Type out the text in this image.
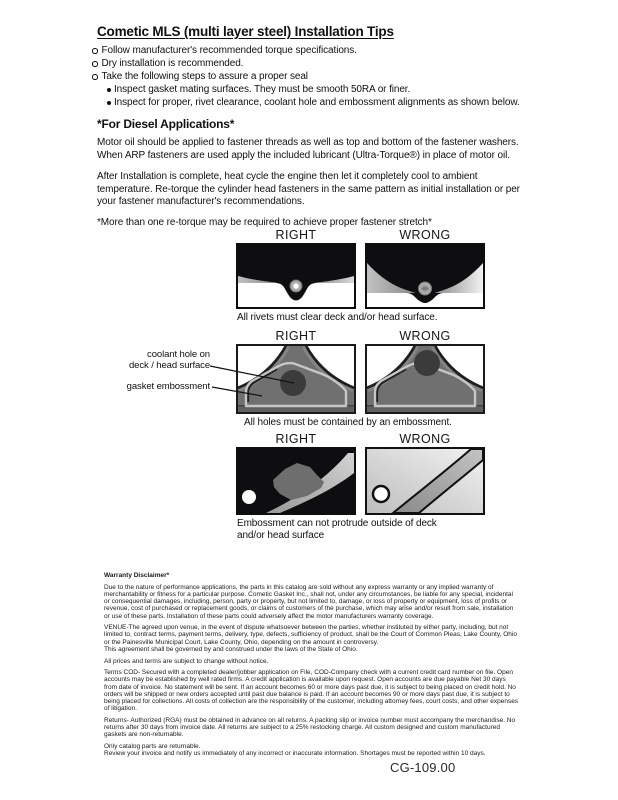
Cometic MLS (multi layer steel) Installation Tips
Follow manufacturer's recommended torque specifications.
Dry installation is recommended.
Take the following steps to assure a proper seal
Inspect gasket mating surfaces. They must be smooth 50RA or finer.
Inspect for proper, rivet clearance, coolant hole and embossment alignments as shown below.
*For Diesel Applications*

Motor oil should be applied to fastener threads as well as top and bottom of the fastener washers. When ARP fasteners are used apply the included lubricant (Ultra-Torque®) in place of motor oil.

After Installation is complete, heat cycle the engine then let it completely cool to ambient temperature. Re-torque the cylinder head fasteners in the same pattern as initial installation or per your fastener manufacturer's recommendations.

*More than one re-torque may be required to achieve proper fastener stretch*

RIGHT	WRONG
All rivets must clear deck and/or head surface.
RIGHT	WRONG
All holes must be contained by an embossment.
coolant hole on
deck / head surface
gasket embossment
RIGHT	WRONG
Embossment can not protrude outside of deck
and/or head surface

Warranty Disclaimer*

Due to the nature of performance applications, the parts in this catalog are sold without any express warranty or any implied warranty of merchantability or fitness for a particular purpose. Cometic Gasket Inc., shall not, under any circumstances, be liable for any special, incidental or consequential damages, including, person, party or property, but not limited to, damage, or loss of property or equipment, loss of profits or revenue, cost of purchased or replacement goods, or claims of customers of the purchase, which may arise and/or result from sale, installation or use of these parts. Installation of these parts could adversely affect the motor manufacturers warranty coverage.

VENUE-The agreed upon venue, in the event of dispute whatsoever between the parties, whether instituted by either party, including, but not limited to, contract terms, payment terms, delivery, type, defects, sufficiency of product, shall be the Court of Common Pleas, Lake County, Ohio or the Painesville Municipal Court, Lake County, Ohio, depending on the amount in controversy.

This agreement shall be governed by and construed under the laws of the State of Ohio.

All prices and terms are subject to change without notice.

Terms COD- Secured with a completed dealer/jobber application on File, COD-Company check with a current credit card number on file. Open accounts may be established by well rated firms. A credit application is available upon request. Open accounts are due payable Net 30 days from date of invoice. No statement will be sent. If an account becomes 60 or more days past due, it is subject to being placed on credit hold. No orders will be shipped or new orders accepted until past due balance is paid. If an account becomes 90 or more days past due, it is subject to being placed for collections. All costs of collection are the responsibility of the customer, including attorney fees, court costs, and other expenses of litigation.

Returns- Authorized (RGA) must be obtained in advance on all returns. A packing slip or invoice number must accompany the merchandise. No returns after 30 days from invoice date. All returns are subject to a 25% restocking charge. All custom designed and custom manufactured gaskets are non-returnable.

Only catalog parts are returnable.

Review your invoice and notify us immediately of any incorrect or inaccurate information. Shortages must be reported within 10 days.

CG-109.00
